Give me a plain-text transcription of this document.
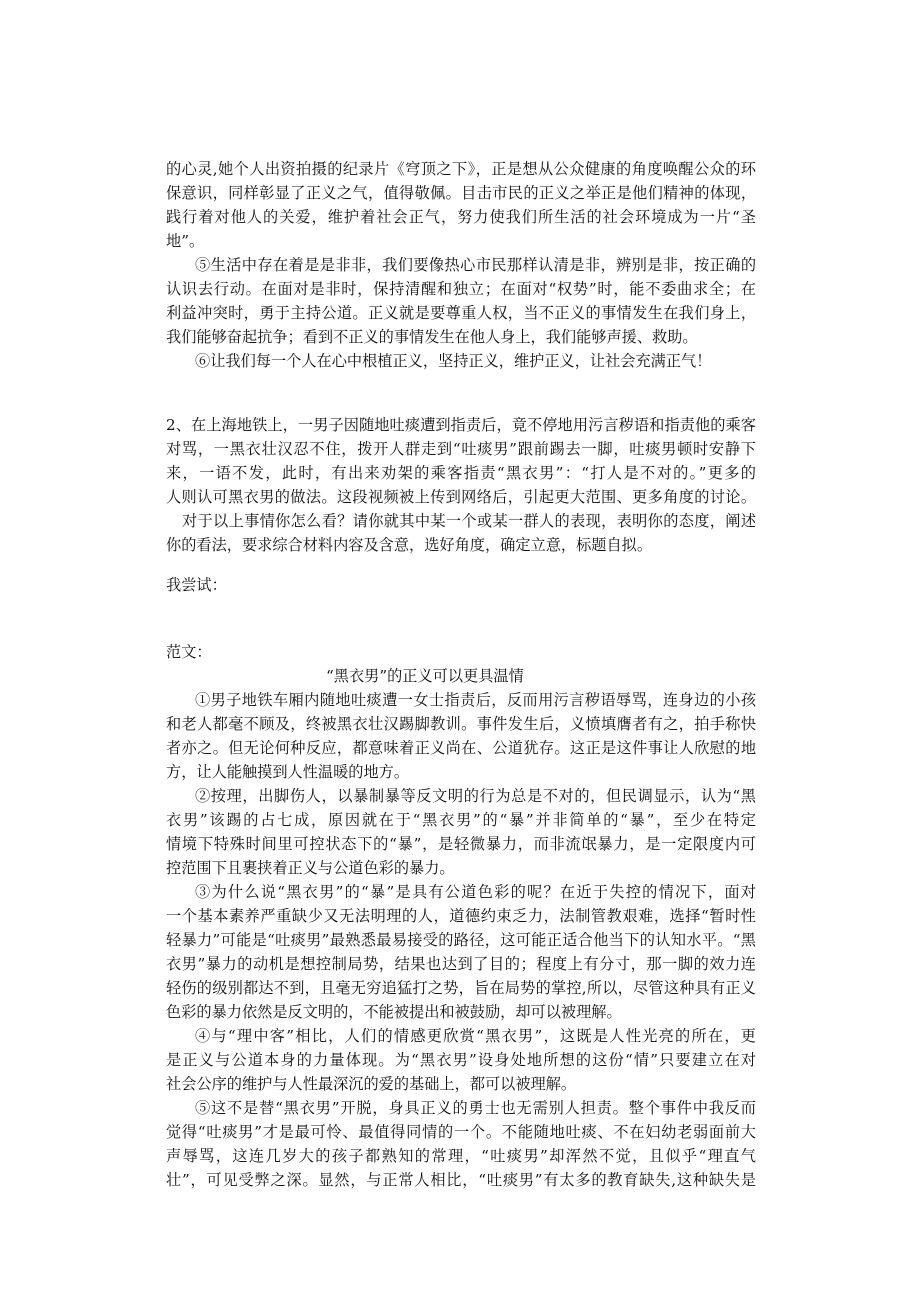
的心灵,她个人出资拍摄的纪录片《穹顶之下》，正是想从公众健康的角度唤醒公众的环
保意识，同样彰显了正义之气，值得敬佩。目击市民的正义之举正是他们精神的体现，
践行着对他人的关爱，维护着社会正气，努力使我们所生活的社会环境成为一片“圣
地”。
⑤生活中存在着是是非非，我们要像热心市民那样认清是非，辨别是非，按正确的
认识去行动。在面对是非时，保持清醒和独立；在面对“权势”时，能不委曲求全；在
利益冲突时，勇于主持公道。正义就是要尊重人权，当不正义的事情发生在我们身上，
我们能够奋起抗争；看到不正义的事情发生在他人身上，我们能够声援、救助。
⑥让我们每一个人在心中根植正义，坚持正义，维护正义，让社会充满正气！
2、在上海地铁上，一男子因随地吐痰遭到指责后，竟不停地用污言秽语和指责他的乘客
对骂，一黑衣壮汉忍不住，拨开人群走到“吐痰男”跟前踢去一脚，吐痰男顿时安静下
来，一语不发，此时，有出来劝架的乘客指责“黑衣男”：“打人是不对的。”更多的
人则认可黑衣男的做法。这段视频被上传到网络后，引起更大范围、更多角度的讨论。
对于以上事情你怎么看？请你就其中某一个或某一群人的表现，表明你的态度，阐述
你的看法，要求综合材料内容及含意，选好角度，确定立意，标题自拟。
我尝试：
范文：
“黑衣男”的正义可以更具温情
①男子地铁车厢内随地吐痰遭一女士指责后，反而用污言秽语辱骂，连身边的小孩
和老人都毫不顾及，终被黑衣壮汉踢脚教训。事件发生后，义愤填膺者有之，拍手称快
者亦之。但无论何种反应，都意味着正义尚在、公道犹存。这正是这件事让人欣慰的地
方，让人能触摸到人性温暖的地方。
②按理，出脚伤人，以暴制暴等反文明的行为总是不对的，但民调显示，认为“黑
衣男”该踢的占七成，原因就在于“黑衣男”的“暴”并非简单的“暴”，至少在特定
情境下特殊时间里可控状态下的“暴”，是轻微暴力，而非流氓暴力，是一定限度内可
控范围下且裹挟着正义与公道色彩的暴力。
③为什么说“黑衣男”的“暴”是具有公道色彩的呢？在近于失控的情况下，面对
一个基本素养严重缺少又无法明理的人，道德约束乏力，法制管教艰难，选择“暂时性
轻暴力”可能是“吐痰男”最熟悉最易接受的路径，这可能正适合他当下的认知水平。“黑
衣男”暴力的动机是想控制局势，结果也达到了目的；程度上有分寸，那一脚的效力连
轻伤的级别都达不到，且毫无穷追猛打之势，旨在局势的掌控,所以，尽管这种具有正义
色彩的暴力依然是反文明的，不能被提出和被鼓励，却可以被理解。
④与“理中客”相比，人们的情感更欣赏“黑衣男”，这既是人性光亮的所在，更
是正义与公道本身的力量体现。为“黑衣男”设身处地所想的这份“情”只要建立在对
社会公序的维护与人性最深沉的爱的基础上，都可以被理解。
⑤这不是替“黑衣男”开脱，身具正义的勇士也无需别人担责。整个事件中我反而
觉得“吐痰男”才是最可怜、最值得同情的一个。不能随地吐痰、不在妇幼老弱面前大
声辱骂，这连几岁大的孩子都熟知的常理，“吐痰男”却浑然不觉，且似乎“理直气
壮”，可见受弊之深。显然，与正常人相比，“吐痰男”有太多的教育缺失,这种缺失是
